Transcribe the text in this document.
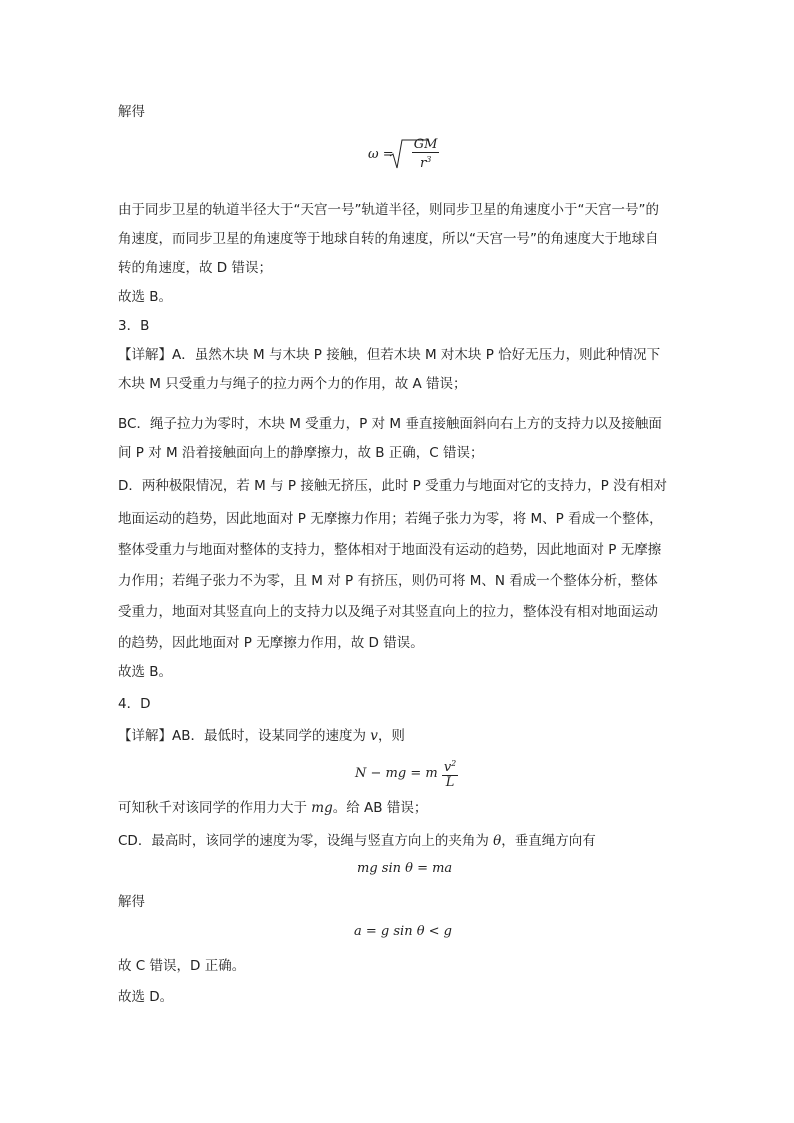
解得
$\omega = \frac{GM}{r^3}$
由于同步卫星的轨道半径大于“天宫一号”轨道半径，则同步卫星的角速度小于“天宫一号”的
角速度，而同步卫星的角速度等于地球自转的角速度，所以“天宫一号”的角速度大于地球自
转的角速度，故 D 错误；
故选 B。
3．B
【详解】A．虽然木块 M 与木块 P 接触，但若木块 M 对木块 P 恰好无压力，则此种情况下
木块 M 只受重力与绳子的拉力两个力的作用，故 A 错误；
BC．绳子拉力为零时，木块 M 受重力，P 对 M 垂直接触面斜向右上方的支持力以及接触面
间 P 对 M 沿着接触面向上的静摩擦力，故 B 正确，C 错误；
D．两种极限情况，若 M 与 P 接触无挤压，此时 P 受重力与地面对它的支持力，P 没有相对
地面运动的趋势，因此地面对 P 无摩擦力作用；若绳子张力为零，将 M、P 看成一个整体，
整体受重力与地面对整体的支持力，整体相对于地面没有运动的趋势，因此地面对 P 无摩擦
力作用；若绳子张力不为零，且 M 对 P 有挤压，则仍可将 M、N 看成一个整体分析，整体
受重力，地面对其竖直向上的支持力以及绳子对其竖直向上的拉力，整体没有相对地面运动
的趋势，因此地面对 P 无摩擦力作用，故 D 错误。
故选 B。
4．D
【详解】AB．最低时，设某同学的速度为 v，则
N − mg = m $\frac{v^2}{L}$
可知秋千对该同学的作用力大于 mg。给 AB 错误；
CD．最高时，该同学的速度为零，设绳与竖直方向上的夹角为 θ，垂直绳方向有
mg sin θ = ma
解得
a = g sin θ < g
故 C 错误，D 正确。
故选 D。
